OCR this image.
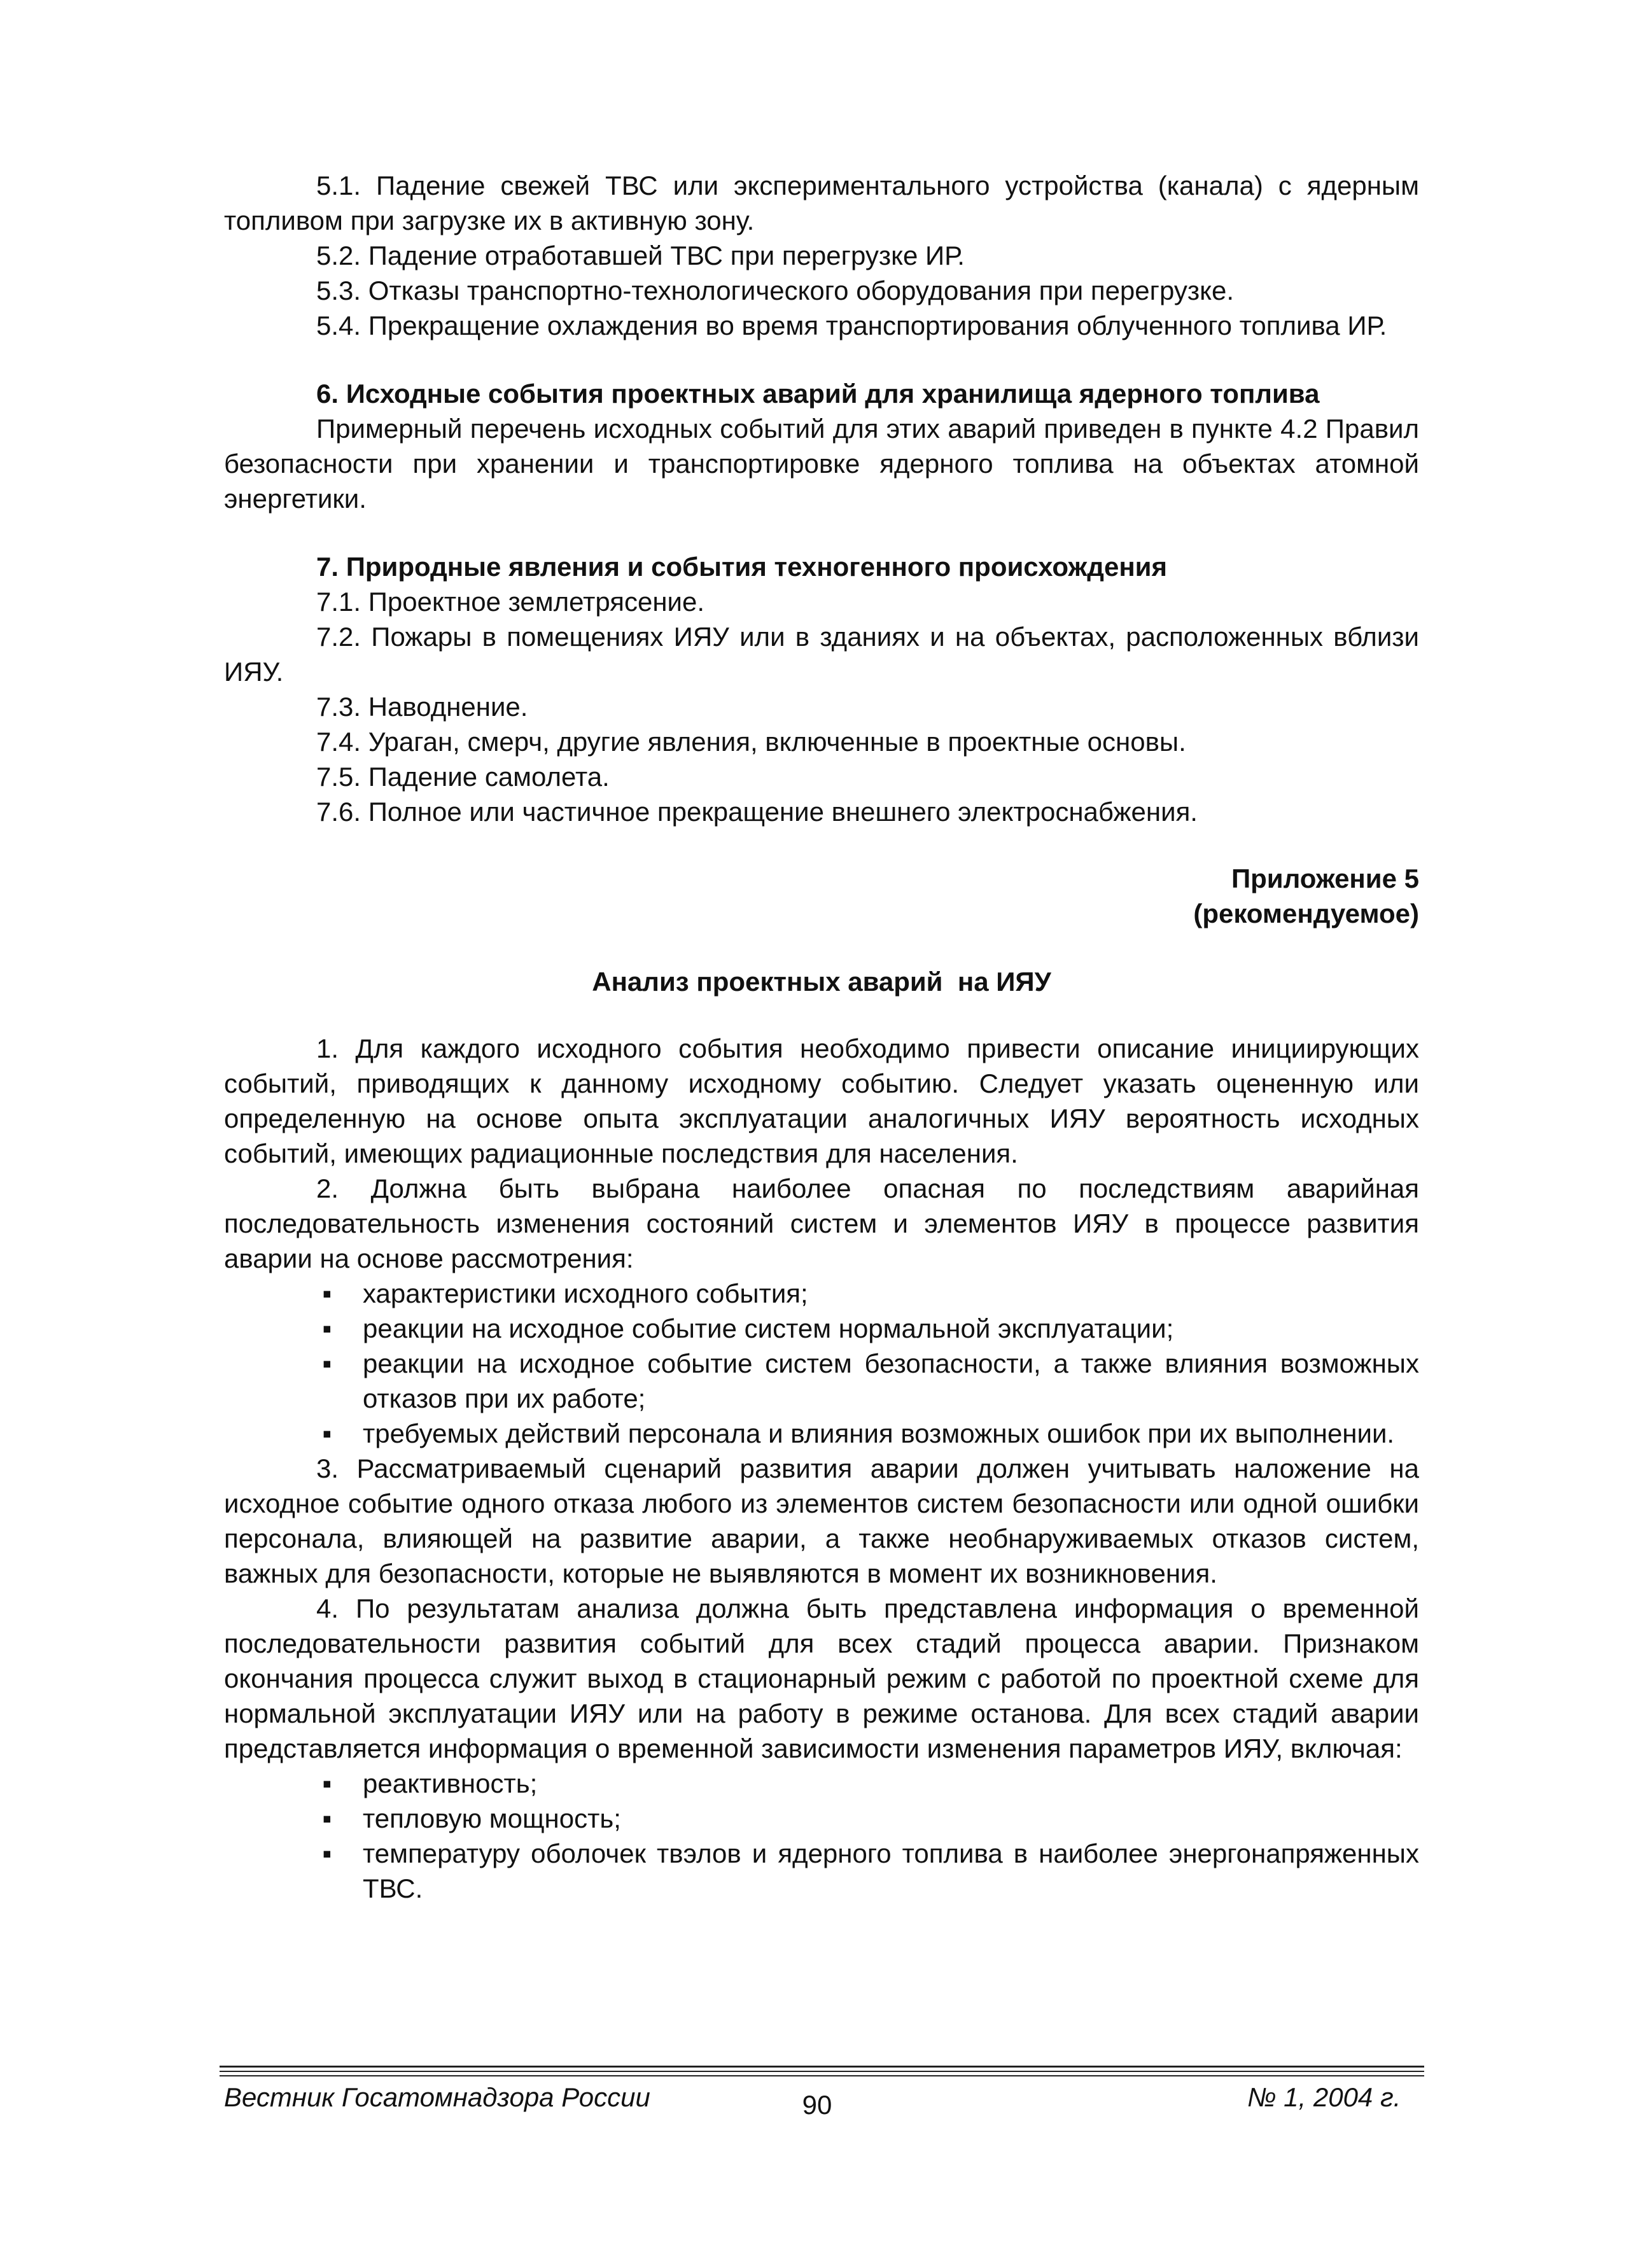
5.1. Падение свежей ТВС или экспериментального устройства (канала) с ядерным топливом при загрузке их в активную зону.

5.2. Падение отработавшей ТВС при перегрузке ИР.

5.3. Отказы транспортно-технологического оборудования при перегрузке.

5.4. Прекращение охлаждения во время транспортирования облученного топлива ИР.

6. Исходные события проектных аварий для хранилища ядерного топлива

Примерный перечень исходных событий для этих аварий приведен в пункте 4.2 Правил безопасности при хранении и транспортировке ядерного топлива на объектах атомной энергетики.

7. Природные явления и события техногенного происхождения

7.1. Проектное землетрясение.

7.2. Пожары в помещениях ИЯУ или в зданиях и на объектах, расположенных вблизи ИЯУ.

7.3. Наводнение.

7.4. Ураган, смерч, другие явления, включенные в проектные основы.

7.5. Падение самолета.

7.6. Полное или частичное прекращение внешнего электроснабжения.

Приложение 5

(рекомендуемое)

Анализ проектных аварий  на ИЯУ

1. Для каждого исходного события необходимо привести описание инициирующих событий, приводящих к данному исходному событию. Следует указать оцененную или определенную на основе опыта эксплуатации аналогичных ИЯУ вероятность исходных событий, имеющих радиационные последствия для населения.

2. Должна быть выбрана наиболее опасная по последствиям аварийная последовательность изменения состояний систем и элементов ИЯУ в процессе развития аварии на основе рассмотрения:

▪ характеристики исходного события;
▪ реакции на исходное событие систем нормальной эксплуатации;
▪ реакции на исходное событие систем безопасности, а также влияния возможных отказов при их работе;
▪ требуемых действий персонала и влияния возможных ошибок при их выполнении.

3. Рассматриваемый сценарий развития аварии должен учитывать наложение на исходное событие одного отказа любого из элементов систем безопасности или одной ошибки персонала, влияющей на развитие аварии, а также необнаруживаемых отказов систем, важных для безопасности, которые не выявляются в момент их возникновения.

4. По результатам анализа должна быть представлена информация о временной последовательности развития событий для всех стадий процесса аварии. Признаком окончания процесса служит выход в стационарный режим с работой по проектной схеме для нормальной эксплуатации ИЯУ или на работу в режиме останова. Для всех стадий аварии представляется информация о временной зависимости изменения параметров ИЯУ, включая:

▪ реактивность;
▪ тепловую мощность;
▪ температуру оболочек твэлов и ядерного топлива в наиболее энергонапряженных ТВС.
Вестник Госатомнадзора России	90	№ 1, 2004 г.
